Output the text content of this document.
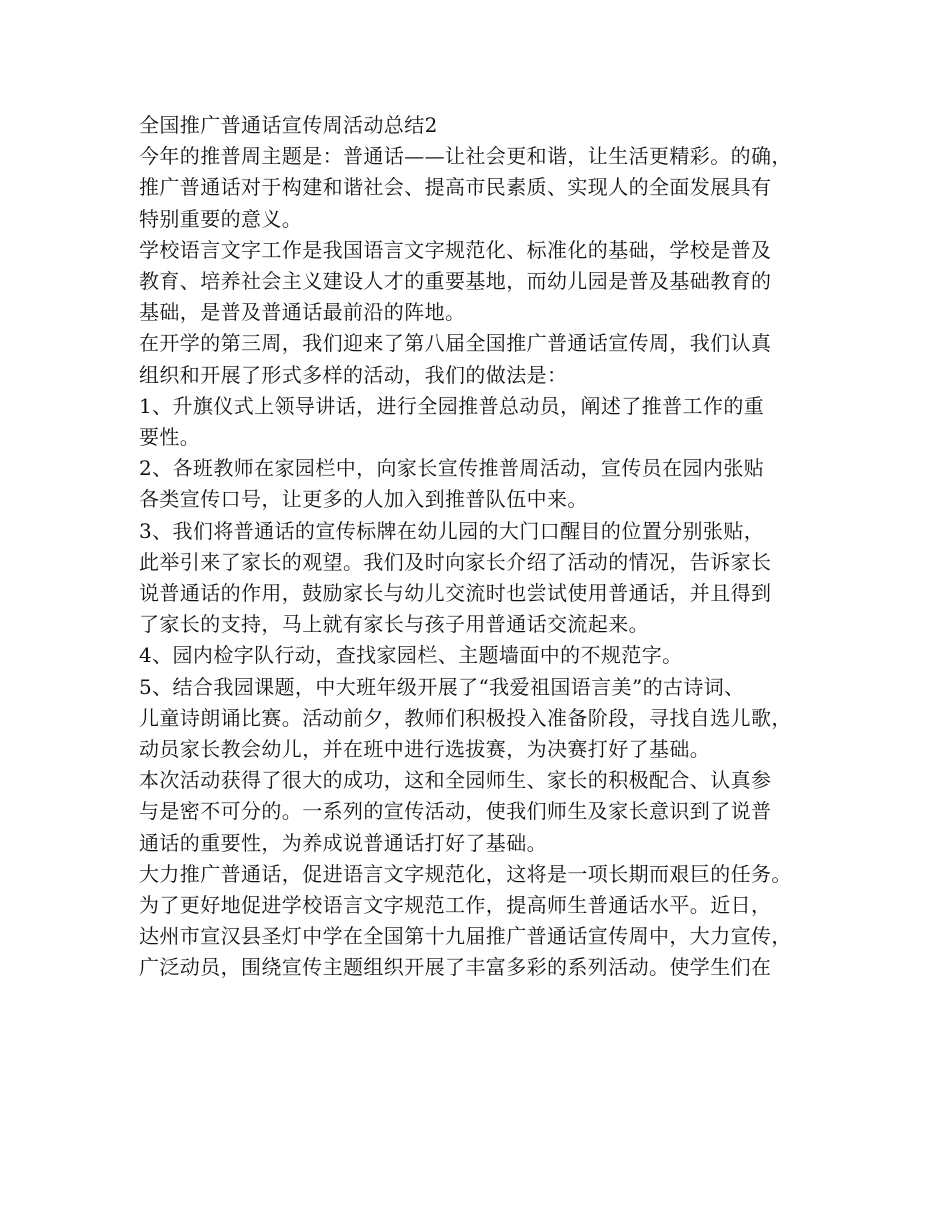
全国推广普通话宣传周活动总结2

今年的推普周主题是：普通话——让社会更和谐，让生活更精彩。的确，
推广普通话对于构建和谐社会、提高市民素质、实现人的全面发展具有
特别重要的意义。

学校语言文字工作是我国语言文字规范化、标准化的基础，学校是普及
教育、培养社会主义建设人才的重要基地，而幼儿园是普及基础教育的
基础，是普及普通话最前沿的阵地。

在开学的第三周，我们迎来了第八届全国推广普通话宣传周，我们认真
组织和开展了形式多样的活动，我们的做法是：

1、升旗仪式上领导讲话，进行全园推普总动员，阐述了推普工作的重
要性。

2、各班教师在家园栏中，向家长宣传推普周活动，宣传员在园内张贴
各类宣传口号，让更多的人加入到推普队伍中来。

3、我们将普通话的宣传标牌在幼儿园的大门口醒目的位置分别张贴，
此举引来了家长的观望。我们及时向家长介绍了活动的情况，告诉家长
说普通话的作用，鼓励家长与幼儿交流时也尝试使用普通话，并且得到
了家长的支持，马上就有家长与孩子用普通话交流起来。

4、园内检字队行动，查找家园栏、主题墙面中的不规范字。

5、结合我园课题，中大班年级开展了“我爱祖国语言美”的古诗词、
儿童诗朗诵比赛。活动前夕，教师们积极投入准备阶段，寻找自选儿歌，
动员家长教会幼儿，并在班中进行选拔赛，为决赛打好了基础。

本次活动获得了很大的成功，这和全园师生、家长的积极配合、认真参
与是密不可分的。一系列的宣传活动，使我们师生及家长意识到了说普
通话的重要性，为养成说普通话打好了基础。

大力推广普通话，促进语言文字规范化，这将是一项长期而艰巨的任务。
为了更好地促进学校语言文字规范工作，提高师生普通话水平。近日，
达州市宣汉县圣灯中学在全国第十九届推广普通话宣传周中，大力宣传，
广泛动员，围绕宣传主题组织开展了丰富多彩的系列活动。使学生们在
